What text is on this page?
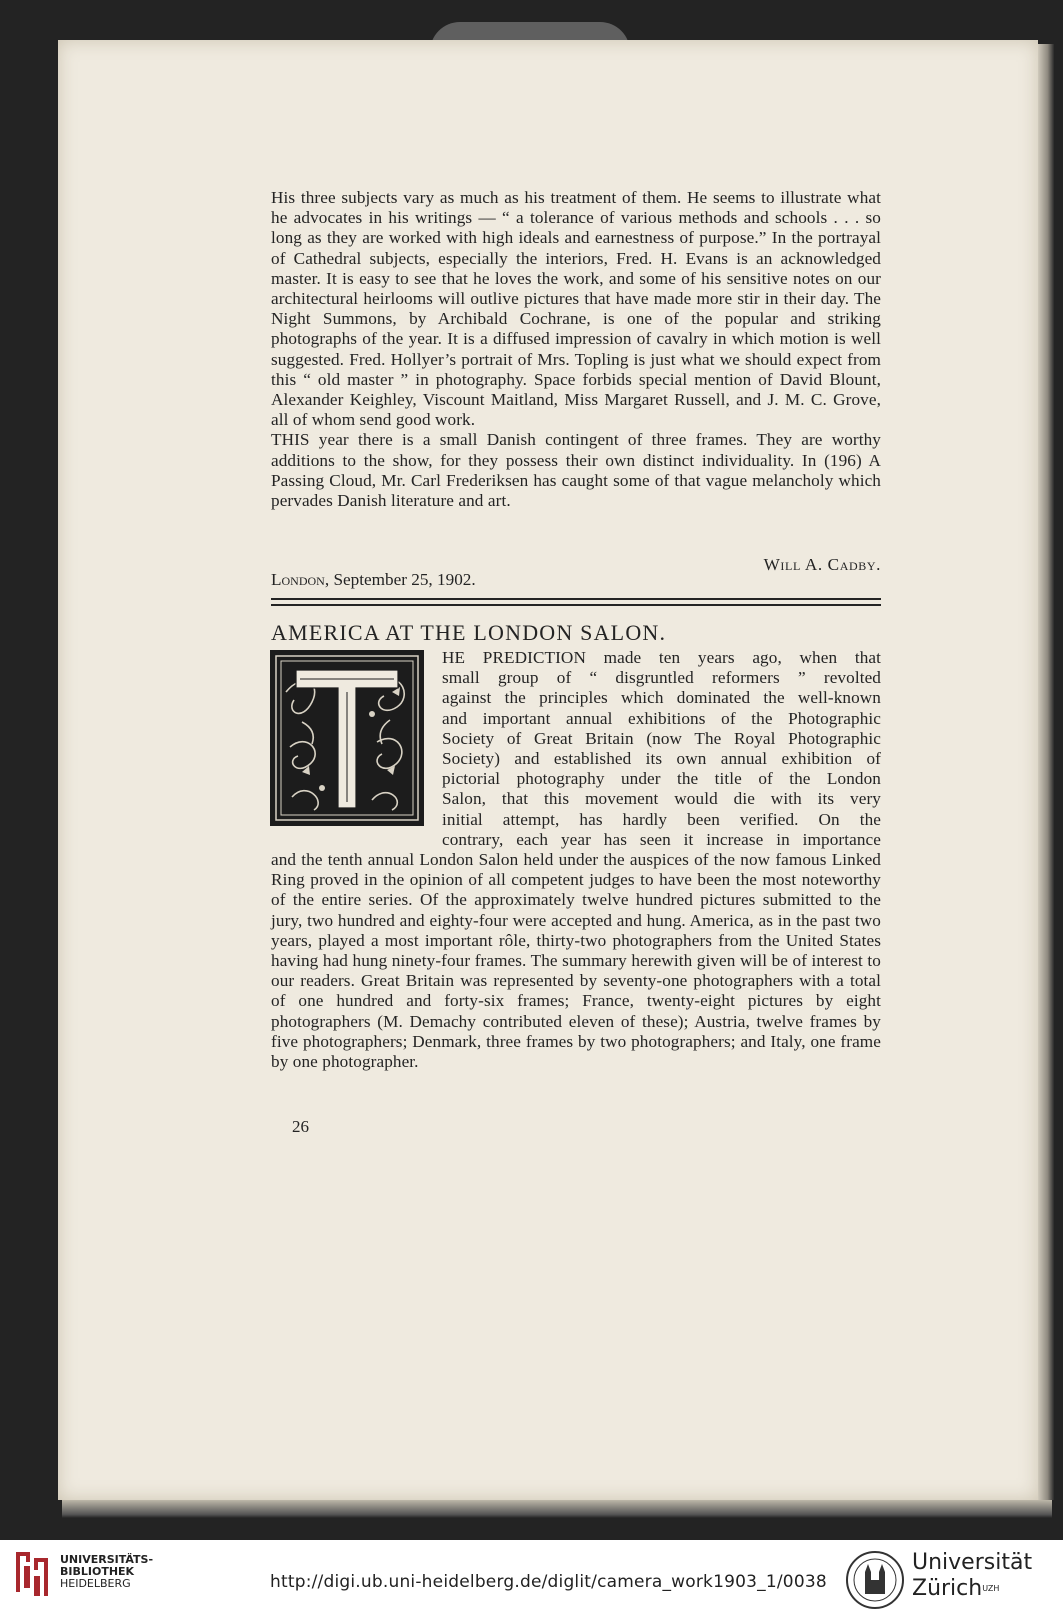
His three subjects vary as much as his treatment of them. He seems to illustrate what he advocates in his writings — “ a tolerance of various methods and schools . . . so long as they are worked with high ideals and earnestness of purpose.” In the portrayal of Cathedral subjects, especially the interiors, Fred. H. Evans is an acknowledged master. It is easy to see that he loves the work, and some of his sensitive notes on our architectural heirlooms will outlive pictures that have made more stir in their day. The Night Summons, by Archibald Cochrane, is one of the popular and striking photographs of the year. It is a diffused impression of cavalry in which motion is well suggested. Fred. Hollyer’s portrait of Mrs. Topling is just what we should expect from this “ old master ” in photography. Space forbids special mention of David Blount, Alexander Keighley, Viscount Maitland, Miss Margaret Russell, and J. M. C. Grove, all of whom send good work.

THIS year there is a small Danish contingent of three frames. They are worthy additions to the show, for they possess their own distinct individuality. In (196) A Passing Cloud, Mr. Carl Frederiksen has caught some of that vague melancholy which pervades Danish literature and art.

London, September 25, 1902.
Will A. Cadby.
AMERICA AT THE LONDON SALON.

HE PREDICTION made ten years ago, when that

small group of “ disgruntled reformers ” revolted

against the principles which dominated the well-known

and important annual exhibitions of the Photographic

Society of Great Britain (now The Royal Photographic

Society) and established its own annual exhibition of

pictorial photography under the title of the London

Salon, that this movement would die with its very

initial attempt, has hardly been verified. On the

contrary, each year has seen it increase in importance

and the tenth annual London Salon held under the auspices of the now famous Linked Ring proved in the opinion of all competent judges to have been the most noteworthy of the entire series. Of the approximately twelve hundred pictures submitted to the jury, two hundred and eighty-four were accepted and hung. America, as in the past two years, played a most important rôle, thirty-two photographers from the United States having had hung ninety-four frames. The summary herewith given will be of interest to our readers. Great Britain was represented by seventy-one photographers with a total of one hundred and forty-six frames; France, twenty-eight pictures by eight photographers (M. Demachy contributed eleven of these); Austria, twelve frames by five photographers; Denmark, three frames by two photographers; and Italy, one frame by one photographer.

26
UNIVERSITÄTS-
BIBLIOTHEK
HEIDELBERG	http://digi.ub.uni-heidelberg.de/diglit/camera_work1903_1/0038
Universität
Zürich$^{UZH}$
